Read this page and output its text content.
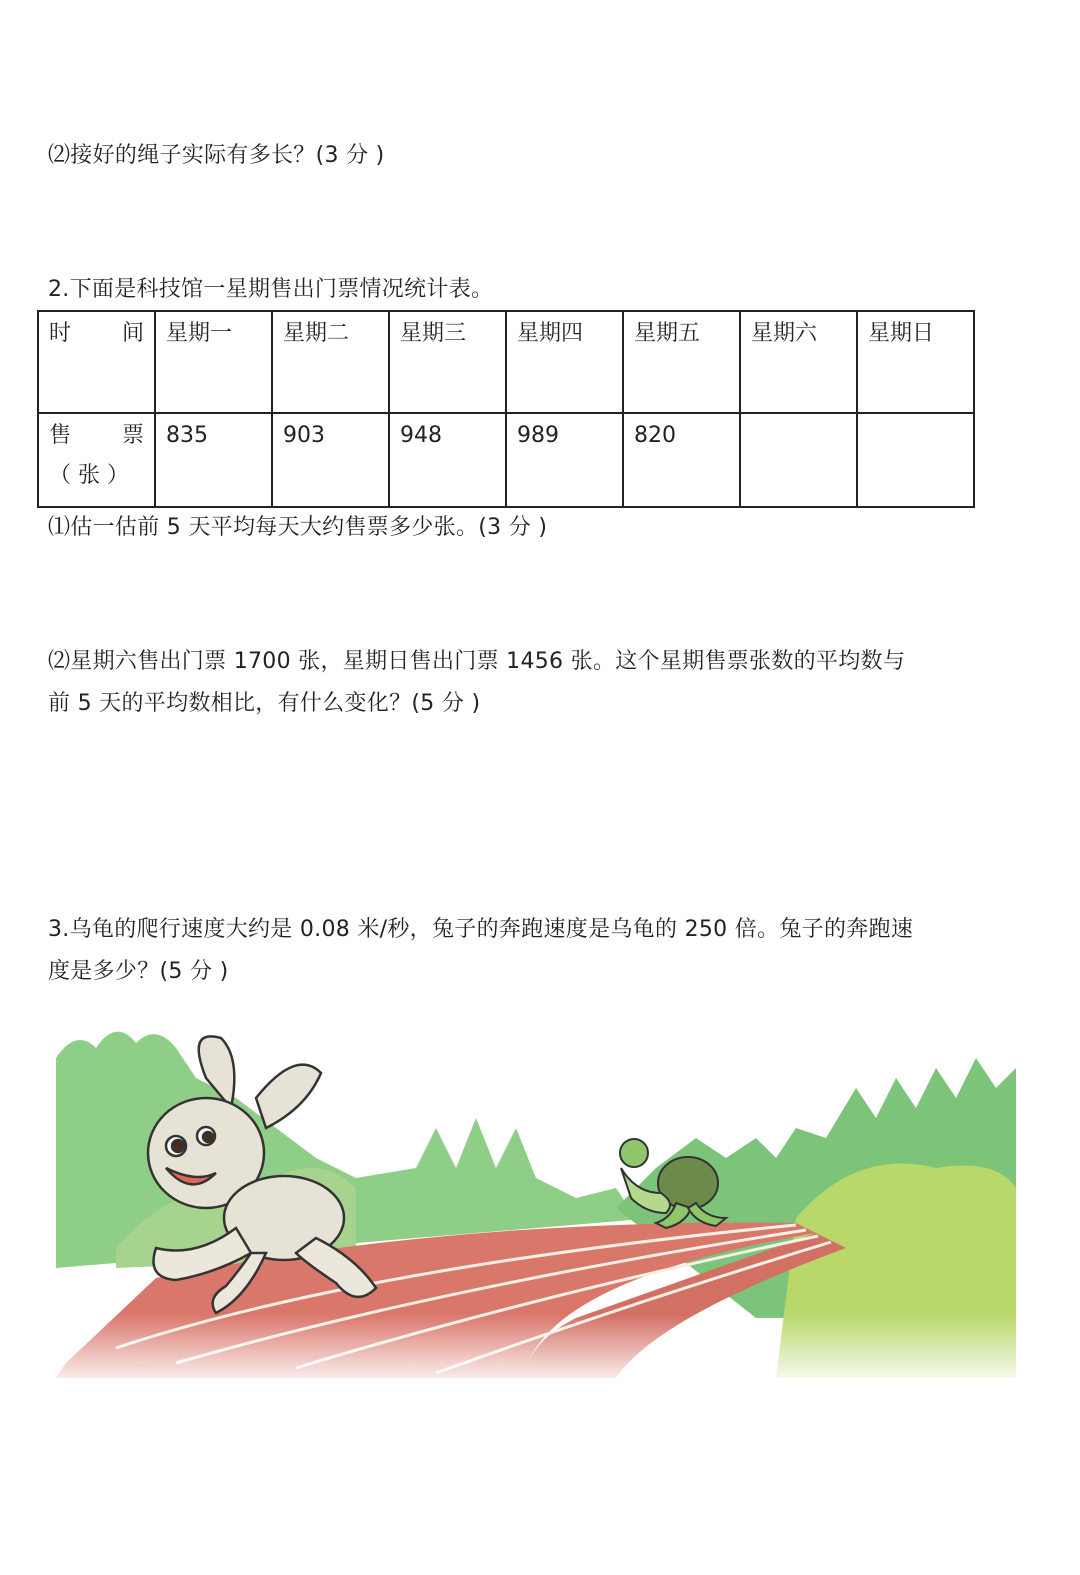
⑵接好的绳子实际有多长？(3 分 )
2.下面是科技馆一星期售出门票情况统计表。
时 间	星期一	星期二	星期三	星期四	星期五	星期六	星期日

售 票
（ 张 ）	835	903	948	989	820		
⑴估一估前 5 天平均每天大约售票多少张。(3 分 )
⑵星期六售出门票 1700 张，星期日售出门票 1456 张。这个星期售票张数的平均数与
前 5 天的平均数相比，有什么变化？(5 分 )
3.乌龟的爬行速度大约是 0.08 米/秒，兔子的奔跑速度是乌龟的 250 倍。兔子的奔跑速
度是多少？(5 分 )
